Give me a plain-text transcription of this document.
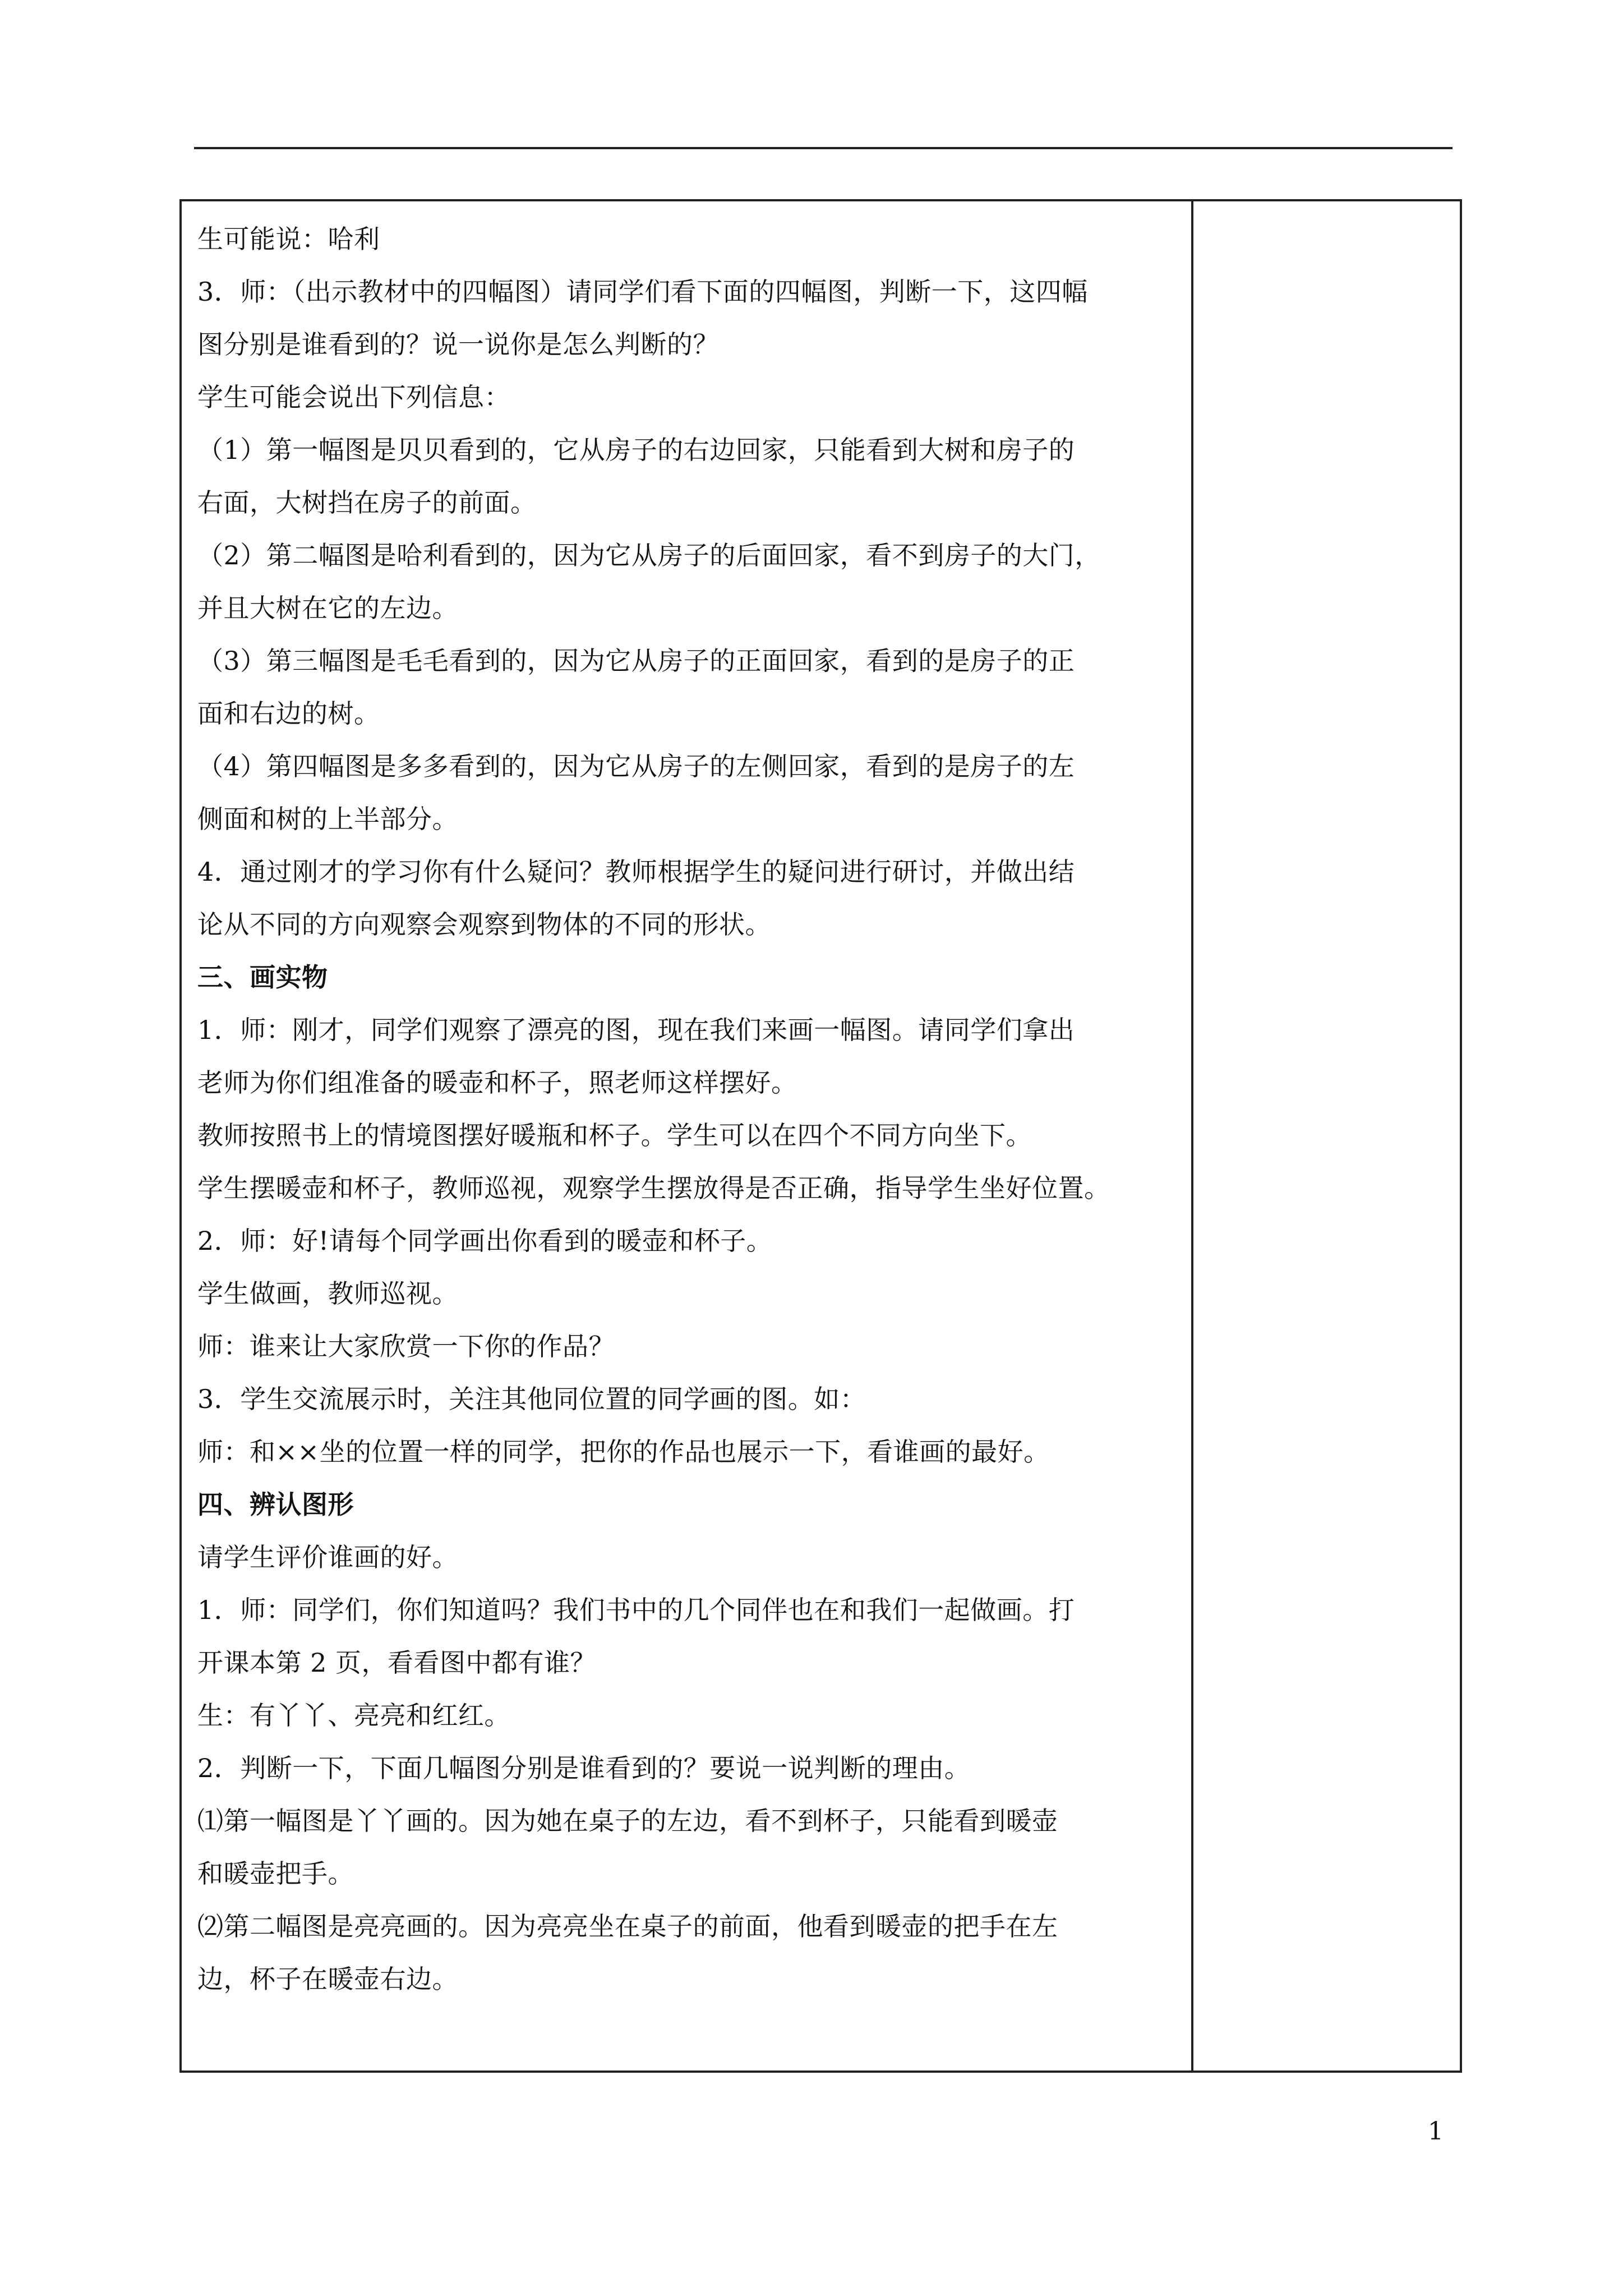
生可能说：哈利
3．师：（出示教材中的四幅图）请同学们看下面的四幅图，判断一下，这四幅
图分别是谁看到的？说一说你是怎么判断的？
学生可能会说出下列信息：
（1）第一幅图是贝贝看到的，它从房子的右边回家，只能看到大树和房子的
右面，大树挡在房子的前面。
（2）第二幅图是哈利看到的，因为它从房子的后面回家，看不到房子的大门，
并且大树在它的左边。
（3）第三幅图是毛毛看到的，因为它从房子的正面回家，看到的是房子的正
面和右边的树。
（4）第四幅图是多多看到的，因为它从房子的左侧回家，看到的是房子的左
侧面和树的上半部分。
4．通过刚才的学习你有什么疑问？教师根据学生的疑问进行研讨，并做出结
论从不同的方向观察会观察到物体的不同的形状。
三、画实物
1．师：刚才，同学们观察了漂亮的图，现在我们来画一幅图。请同学们拿出
老师为你们组准备的暖壶和杯子，照老师这样摆好。
教师按照书上的情境图摆好暖瓶和杯子。学生可以在四个不同方向坐下。
学生摆暖壶和杯子，教师巡视，观察学生摆放得是否正确，指导学生坐好位置。
2．师：好!请每个同学画出你看到的暖壶和杯子。
学生做画，教师巡视。
师：谁来让大家欣赏一下你的作品？
3．学生交流展示时，关注其他同位置的同学画的图。如：
师：和××坐的位置一样的同学，把你的作品也展示一下，看谁画的最好。
四、辨认图形
请学生评价谁画的好。
1．师：同学们，你们知道吗？我们书中的几个同伴也在和我们一起做画。打
开课本第 2 页，看看图中都有谁？
生：有丫丫、亮亮和红红。
2．判断一下，下面几幅图分别是谁看到的？要说一说判断的理由。
⑴第一幅图是丫丫画的。因为她在桌子的左边，看不到杯子，只能看到暖壶
和暖壶把手。
⑵第二幅图是亮亮画的。因为亮亮坐在桌子的前面，他看到暖壶的把手在左
边，杯子在暖壶右边。
1
